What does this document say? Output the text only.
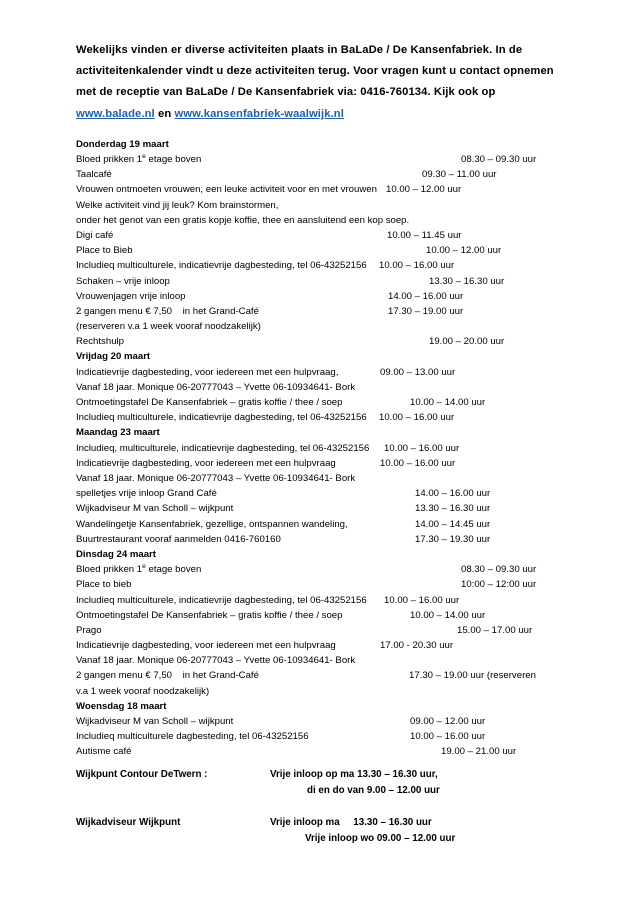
Wekelijks vinden er diverse activiteiten plaats in BaLaDe / De Kansenfabriek. In de activiteitenkalender vindt u deze activiteiten terug. Voor vragen kunt u contact opnemen met de receptie van BaLaDe / De Kansenfabriek via: 0416-760134. Kijk ook op
www.balade.nl en www.kansenfabriek-waalwijk.nl

Donderdag 19 maart
Bloed prikken 1e etage boven	08.30 – 09.30 uur
Taalcafé	09.30 – 11.00 uur
Vrouwen ontmoeten vrouwen, een leuke activiteit voor en met vrouwen 10.00 – 12.00 uur
Welke activiteit vind jij leuk? Kom brainstormen,
onder het genot van een gratis kopje koffie, thee en aansluitend een kop soep.
Digi café	10.00 – 11.45 uur
Place to Bieb	10.00 – 12.00 uur
Includieq multiculturele, indicatievrije dagbesteding, tel 06-43252156 10.00 – 16.00 uur
Schaken – vrije inloop	13.30 – 16.30 uur
Vrouwenjagen vrije inloop	14.00 – 16.00 uur
2 gangen menu € 7,50    in het Grand-Café	17.30 – 19.00 uur
(reserveren v.a 1 week vooraf noodzakelijk)
Rechtshulp	19.00 – 20.00 uur
Vrijdag 20 maart
Indicatievrije dagbesteding, voor iedereen met een hulpvraag,	09.00 – 13.00 uur
Vanaf 18 jaar. Monique 06-20777043 – Yvette 06-10934641- Bork
Ontmoetingstafel De Kansenfabriek – gratis koffie / thee / soep	10.00 – 14.00 uur
Includieq multiculturele, indicatievrije dagbesteding, tel 06-43252156 10.00 – 16.00 uur
Maandag 23 maart
Includieq, multiculturele, indicatievrije dagbesteding, tel 06-43252156 10.00 – 16.00 uur
Indicatievrije dagbesteding, voor iedereen met een hulpvraag	10.00 – 16.00 uur
Vanaf 18 jaar. Monique 06-20777043 – Yvette 06-10934641- Bork
spelletjes vrije inloop Grand Café	14.00 – 16.00 uur
Wijkadviseur M van Scholl – wijkpunt	13.30 – 16.30 uur
Wandelingetje Kansenfabriek, gezellige, ontspannen wandeling,	14.00 – 14.45 uur
Buurtrestaurant vooraf aanmelden 0416-760160	17.30 – 19.30 uur
Dinsdag 24 maart
Bloed prikken 1e etage boven	08.30 – 09.30 uur
Place to bieb	10:00 – 12:00 uur
Includieq multiculturele, indicatievrije dagbesteding, tel 06-43252156 10.00 – 16.00 uur
Ontmoetingstafel De Kansenfabriek – gratis koffie / thee / soep	10.00 – 14.00 uur
Prago	15.00 – 17.00 uur
Indicatievrije dagbesteding, voor iedereen met een hulpvraag	17.00 - 20.30 uur
Vanaf 18 jaar. Monique 06-20777043 – Yvette 06-10934641- Bork
2 gangen menu € 7,50    in het Grand-Café	17.30 – 19.00 uur (reserveren
v.a 1 week vooraf noodzakelijk)
Woensdag 18 maart
Wijkadviseur M van Scholl – wijkpunt	09.00 – 12.00 uur
Includieq multiculturele dagbesteding, tel 06-43252156	10.00 – 16.00 uur
Autisme café	19.00 – 21.00 uur
Wijkpunt Contour DeTwern :	Vrije inloop op ma 13.30 – 16.30 uur,
di en do van 9.00 – 12.00 uur
Wijkadviseur Wijkpunt	Vrije inloop ma     13.30 – 16.30 uur
Vrije inloop wo 09.00 – 12.00 uur
